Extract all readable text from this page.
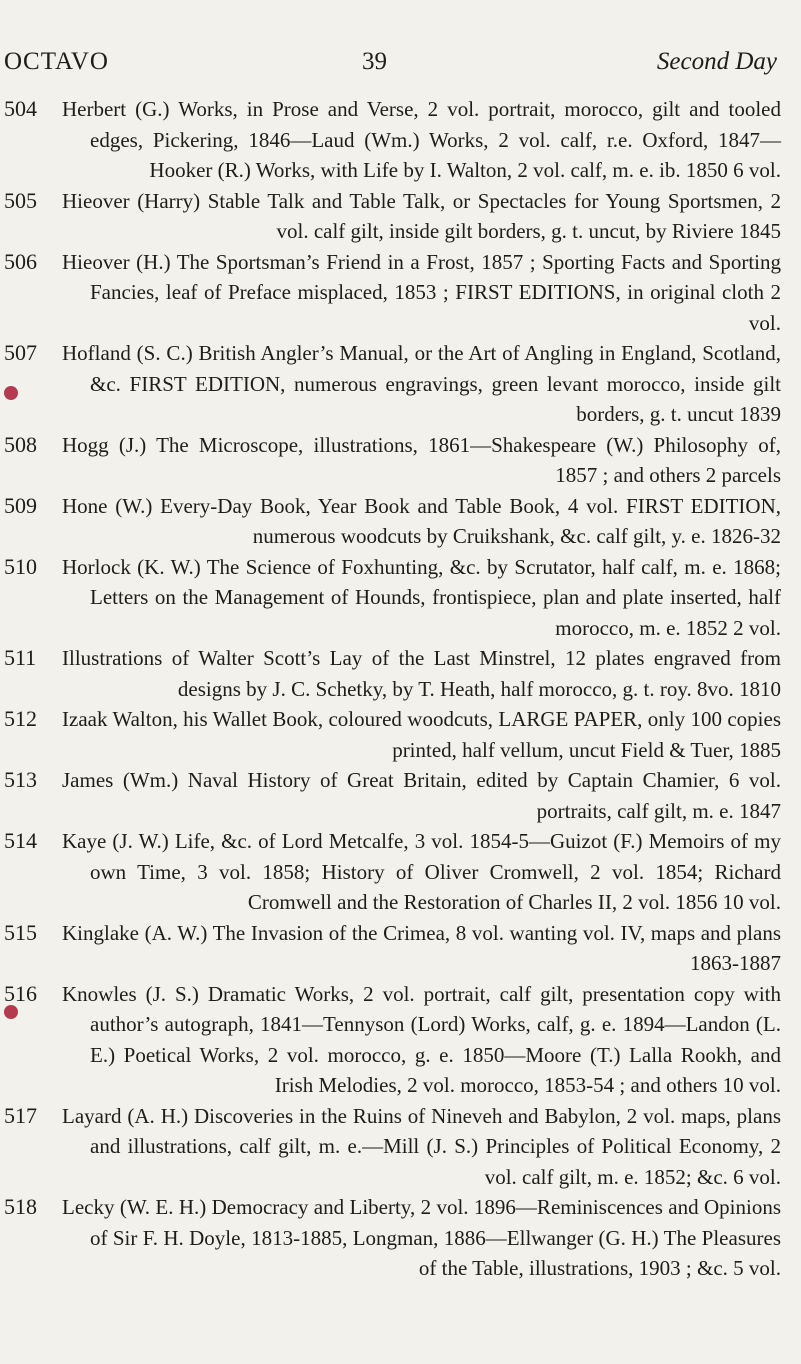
OCTAVO	39	Second Day
504 Herbert (G.) Works, in Prose and Verse, 2 vol. portrait, morocco, gilt and tooled edges, Pickering, 1846—Laud (Wm.) Works, 2 vol. calf, r.e. Oxford, 1847—Hooker (R.) Works, with Life by I. Walton, 2 vol. calf, m. e. ib. 1850 6 vol.
505 Hieover (Harry) Stable Talk and Table Talk, or Spectacles for Young Sportsmen, 2 vol. calf gilt, inside gilt borders, g. t. uncut, by Riviere 1845
506 Hieover (H.) The Sportsman’s Friend in a Frost, 1857 ; Sporting Facts and Sporting Fancies, leaf of Preface misplaced, 1853 ; FIRST EDITIONS, in original cloth 2 vol.
507 Hofland (S. C.) British Angler’s Manual, or the Art of Angling in England, Scotland, &c. FIRST EDITION, numerous engravings, green levant morocco, inside gilt borders, g. t. uncut 1839
508 Hogg (J.) The Microscope, illustrations, 1861—Shakespeare (W.) Philosophy of, 1857 ; and others 2 parcels
509 Hone (W.) Every-Day Book, Year Book and Table Book, 4 vol. FIRST EDITION, numerous woodcuts by Cruikshank, &c. calf gilt, y. e. 1826-32
510 Horlock (K. W.) The Science of Foxhunting, &c. by Scrutator, half calf, m. e. 1868; Letters on the Management of Hounds, frontispiece, plan and plate inserted, half morocco, m. e. 1852 2 vol.
511 Illustrations of Walter Scott’s Lay of the Last Minstrel, 12 plates engraved from designs by J. C. Schetky, by T. Heath, half morocco, g. t. roy. 8vo. 1810
512 Izaak Walton, his Wallet Book, coloured woodcuts, LARGE PAPER, only 100 copies printed, half vellum, uncut Field & Tuer, 1885
513 James (Wm.) Naval History of Great Britain, edited by Captain Chamier, 6 vol. portraits, calf gilt, m. e. 1847
514 Kaye (J. W.) Life, &c. of Lord Metcalfe, 3 vol. 1854-5—Guizot (F.) Memoirs of my own Time, 3 vol. 1858; History of Oliver Cromwell, 2 vol. 1854; Richard Cromwell and the Restoration of Charles II, 2 vol. 1856 10 vol.
515 Kinglake (A. W.) The Invasion of the Crimea, 8 vol. wanting vol. IV, maps and plans 1863-1887
516 Knowles (J. S.) Dramatic Works, 2 vol. portrait, calf gilt, presentation copy with author’s autograph, 1841—Tennyson (Lord) Works, calf, g. e. 1894—Landon (L. E.) Poetical Works, 2 vol. morocco, g. e. 1850—Moore (T.) Lalla Rookh, and Irish Melodies, 2 vol. morocco, 1853-54 ; and others 10 vol.
517 Layard (A. H.) Discoveries in the Ruins of Nineveh and Babylon, 2 vol. maps, plans and illustrations, calf gilt, m. e.—Mill (J. S.) Principles of Political Economy, 2 vol. calf gilt, m. e. 1852; &c. 6 vol.
518 Lecky (W. E. H.) Democracy and Liberty, 2 vol. 1896—Reminiscences and Opinions of Sir F. H. Doyle, 1813-1885, Longman, 1886—Ellwanger (G. H.) The Pleasures of the Table, illustrations, 1903 ; &c. 5 vol.
